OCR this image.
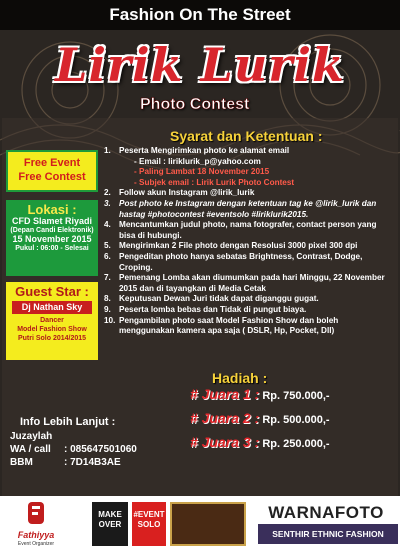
Fashion On The Street
Lirik Lurik
Photo Contest
Syarat dan Ketentuan :
1. Peserta Mengirimkan photo ke alamat email
- Email : liriklurik_p@yahoo.com
- Paling Lambat 18 November 2015
- Subjek email : Lirik Lurik Photo Contest
2. Follow akun Instagram @lirik_lurik
3. Post photo ke Instagram dengan ketentuan tag ke @lirik_lurik dan hastag #photocontest #eventsolo #liriklurik2015.
4. Mencantumkan judul photo, nama fotografer, contact person yang bisa di hubungi.
5. Mengirimkan 2 File photo dengan Resolusi 3000 pixel 300 dpi
6. Pengeditan photo hanya sebatas Brightness, Contrast, Dodge, Croping.
7. Pemenang Lomba akan diumumkan pada hari Minggu, 22 November 2015 dan di tayangkan di Media Cetak
8. Keputusan Dewan Juri tidak dapat diganggu gugat.
9. Peserta lomba bebas dan Tidak di pungut biaya.
10. Pengambilan photo saat Model Fashion Show dan boleh menggunakan kamera apa saja ( DSLR, Hp, Pocket, Dll)
Free Event
Free Contest
Lokasi :
CFD Slamet Riyadi
(Depan Candi Elektronik)
15 November 2015
Pukul : 06:00 - Selesai
Guest Star :
Dj Nathan Sky
Dancer
Model Fashion Show
Putri Solo 2014/2015
Hadiah :
# Juara 1 : Rp. 750.000,-
# Juara 2 : Rp. 500.000,-
# Juara 3 : Rp. 250.000,-
Info Lebih Lanjut :
Juzaylah
WA / call : 085647501060
BBM	: 7D14B3AE
Fathiyya
Event Organizer
MAKE OVER
#EVENT SOLO
WARNAFOTO
SENTHIR ETHNIC FASHION
